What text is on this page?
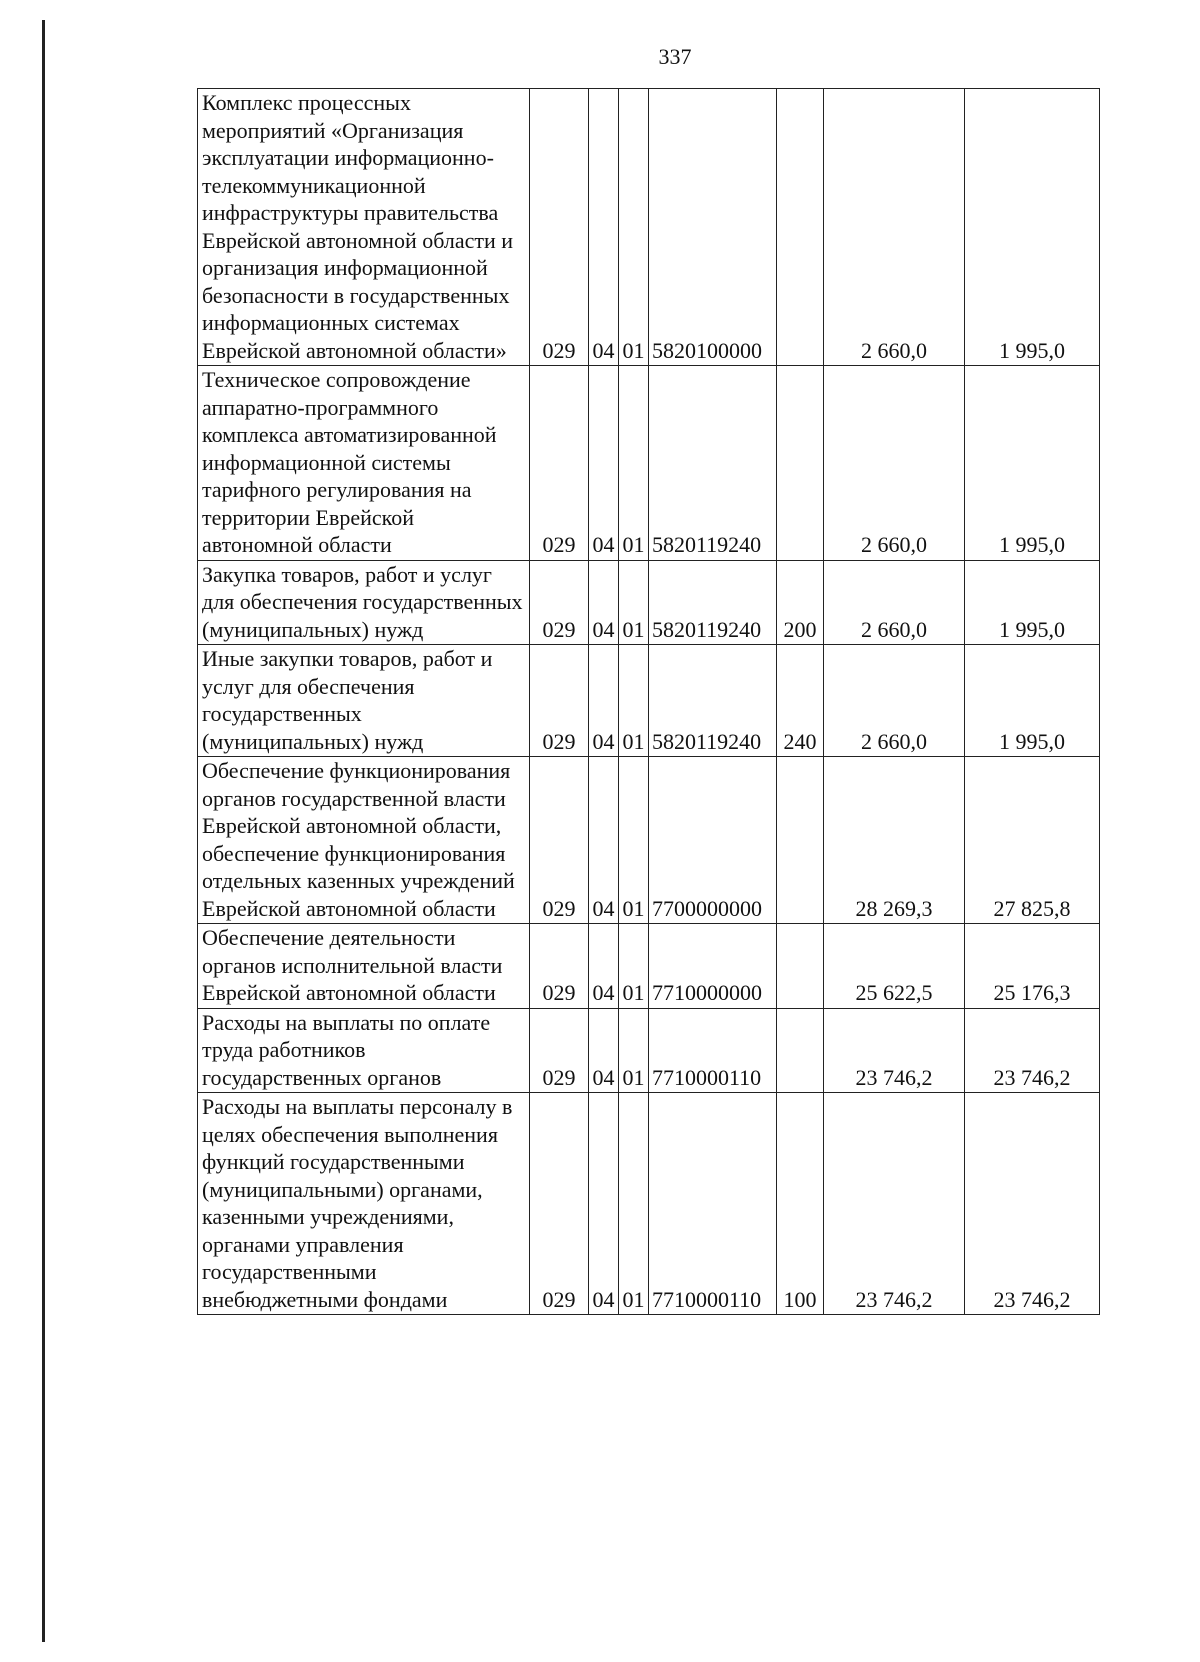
337
Комплекс процессных мероприятий «Организация эксплуатации информационно-телекоммуникационной инфраструктуры правительства Еврейской автономной области и организация информационной безопасности в государственных информационных системах Еврейской автономной области»	029	04	01	5820100000		2 660,0	1 995,0
Техническое сопровождение аппаратно-программного комплекса автоматизированной информационной системы тарифного регулирования на территории Еврейской автономной области	029	04	01	5820119240		2 660,0	1 995,0
Закупка товаров, работ и услуг для обеспечения государственных (муниципальных) нужд	029	04	01	5820119240	200	2 660,0	1 995,0
Иные закупки товаров, работ и услуг для обеспечения государственных (муниципальных) нужд	029	04	01	5820119240	240	2 660,0	1 995,0
Обеспечение функционирования органов государственной власти Еврейской автономной области, обеспечение функционирования отдельных казенных учреждений Еврейской автономной области	029	04	01	7700000000		28 269,3	27 825,8
Обеспечение деятельности органов исполнительной власти Еврейской автономной области	029	04	01	7710000000		25 622,5	25 176,3
Расходы на выплаты по оплате труда работников государственных органов	029	04	01	7710000110		23 746,2	23 746,2
Расходы на выплаты персоналу в целях обеспечения выполнения функций государственными (муниципальными) органами, казенными учреждениями, органами управления государственными внебюджетными фондами	029	04	01	7710000110	100	23 746,2	23 746,2
